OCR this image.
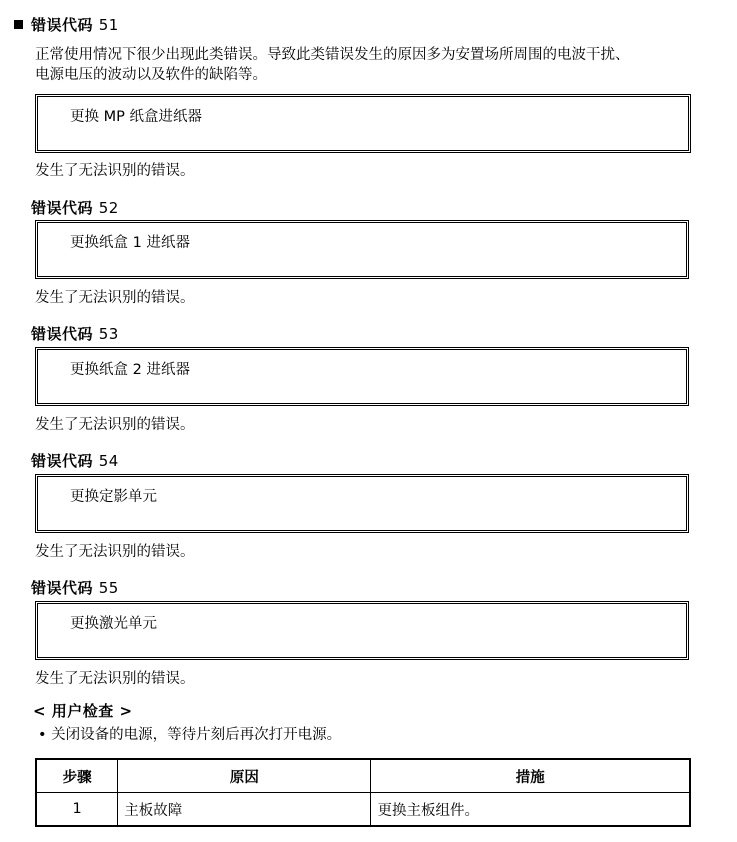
错误代码 51
正常使用情况下很少出现此类错误。导致此类错误发生的原因多为安置场所周围的电波干扰、
电源电压的波动以及软件的缺陷等。
更换 MP 纸盒进纸器
发生了无法识别的错误。
错误代码 52
更换纸盒 1 进纸器
发生了无法识别的错误。
错误代码 53
更换纸盒 2 进纸器
发生了无法识别的错误。
错误代码 54
更换定影单元
发生了无法识别的错误。
错误代码 55
更换激光单元
发生了无法识别的错误。
< 用户检查 >
• 关闭设备的电源，等待片刻后再次打开电源。
步骤	原因	措施
1	主板故障	更换主板组件。
